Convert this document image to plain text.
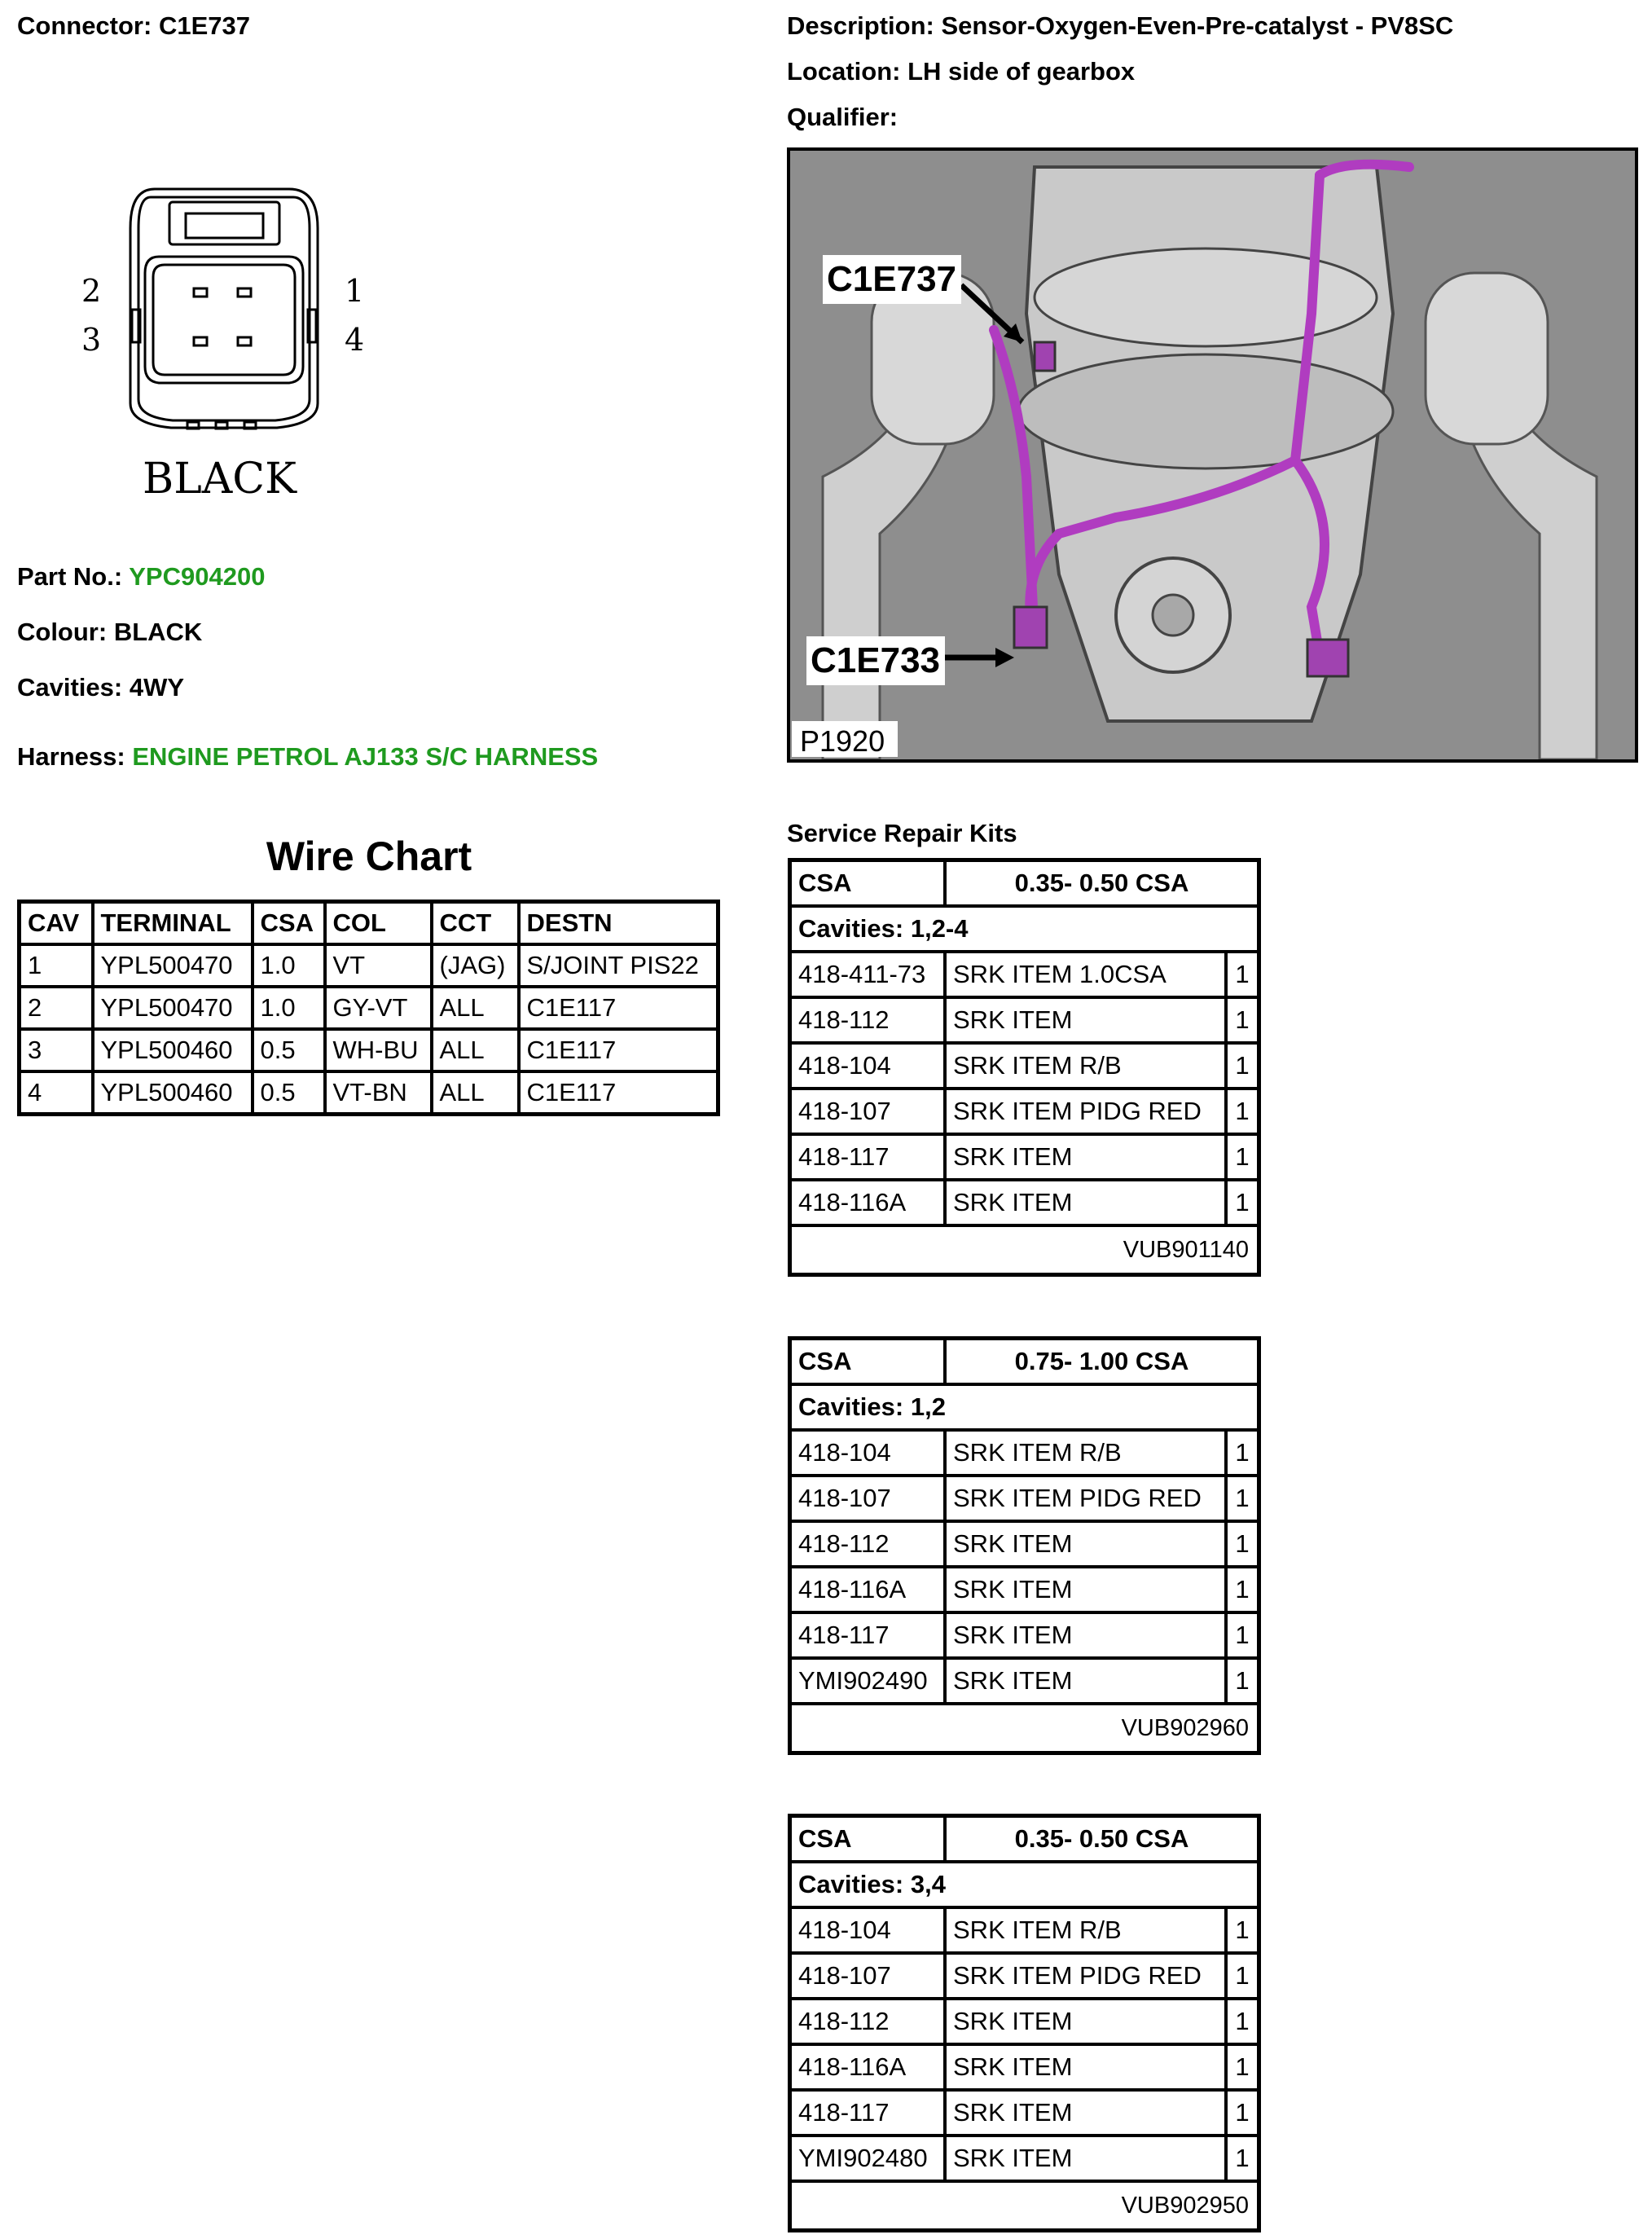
Connector: C1E737	Description: Sensor-Oxygen-Even-Pre-catalyst - PV8SC
Location: LH side of gearbox
Qualifier:
2	1
3	4
BLACK
Part No.: YPC904200
Colour: BLACK
Cavities: 4WY
Harness: ENGINE PETROL AJ133 S/C HARNESS
C1E737
C1E733
P1920
Wire Chart
CAV	TERMINAL	CSA	COL	CCT	DESTN
1	YPL500470	1.0	VT	(JAG)	S/JOINT PIS22
2	YPL500470	1.0	GY-VT	ALL	C1E117
3	YPL500460	0.5	WH-BU	ALL	C1E117
4	YPL500460	0.5	VT-BN	ALL	C1E117
Service Repair Kits
CSA	0.35- 0.50 CSA
Cavities: 1,2-4
418-411-73	SRK ITEM 1.0CSA	1
418-112	SRK ITEM	1
418-104	SRK ITEM R/B	1
418-107	SRK ITEM PIDG RED	1
418-117	SRK ITEM	1
418-116A	SRK ITEM	1
VUB901140
CSA	0.75- 1.00 CSA
Cavities: 1,2
418-104	SRK ITEM R/B	1
418-107	SRK ITEM PIDG RED	1
418-112	SRK ITEM	1
418-116A	SRK ITEM	1
418-117	SRK ITEM	1
YMI902490	SRK ITEM	1
VUB902960
CSA	0.35- 0.50 CSA
Cavities: 3,4
418-104	SRK ITEM R/B	1
418-107	SRK ITEM PIDG RED	1
418-112	SRK ITEM	1
418-116A	SRK ITEM	1
418-117	SRK ITEM	1
YMI902480	SRK ITEM	1
VUB902950
